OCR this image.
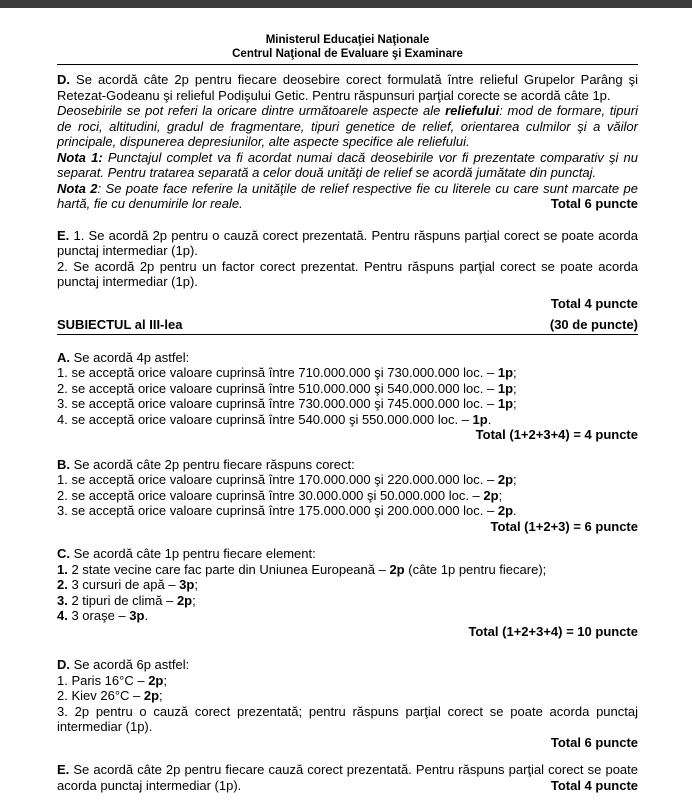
Ministerul Educaţiei Naţionale
Centrul Naţional de Evaluare şi Examinare

D. Se acordă câte 2p pentru fiecare deosebire corect formulată între relieful Grupelor Parâng şi Retezat-Godeanu şi relieful Podişului Getic. Pentru răspunsuri parţial corecte se acordă câte 1p.

Deosebirile se pot referi la oricare dintre următoarele aspecte ale reliefului: mod de formare, tipuri de roci, altitudini, gradul de fragmentare, tipuri genetice de relief, orientarea culmilor şi a văilor principale, dispunerea depresiunilor, alte aspecte specifice ale reliefului.

Nota 1: Punctajul complet va fi acordat numai dacă deosebirile vor fi prezentate comparativ şi nu separat. Pentru tratarea separată a celor două unităţi de relief se acordă jumătate din punctaj.

Nota 2: Se poate face referire la unităţile de relief respective fie cu literele cu care sunt marcate pe hartă, fie cu denumirile lor reale.	Total 6 puncte

E. 1. Se acordă 2p pentru o cauză corect prezentată. Pentru răspuns parţial corect se poate acorda punctaj intermediar (1p).

2. Se acordă 2p pentru un factor corect prezentat. Pentru răspuns parţial corect se poate acorda punctaj intermediar (1p).

Total 4 puncte
SUBIECTUL al III-lea	(30 de puncte)

A. Se acordă 4p astfel:

1. se acceptă orice valoare cuprinsă între 710.000.000 şi 730.000.000 loc. – 1p;

2. se acceptă orice valoare cuprinsă între 510.000.000 şi 540.000.000 loc. – 1p;

3. se acceptă orice valoare cuprinsă între 730.000.000 şi 745.000.000 loc. – 1p;

4. se acceptă orice valoare cuprinsă între 540.000 şi 550.000.000 loc. – 1p.

Total (1+2+3+4) = 4 puncte

B. Se acordă câte 2p pentru fiecare răspuns corect:

1. se acceptă orice valoare cuprinsă între 170.000.000 şi 220.000.000 loc. – 2p;

2. se acceptă orice valoare cuprinsă între 30.000.000 şi 50.000.000 loc. – 2p;

3. se acceptă orice valoare cuprinsă între 175.000.000 şi 200.000.000 loc. – 2p.

Total (1+2+3) = 6 puncte

C. Se acordă câte 1p pentru fiecare element:

1. 2 state vecine care fac parte din Uniunea Europeană – 2p (câte 1p pentru fiecare);

2. 3 cursuri de apă – 3p;

3. 2 tipuri de climă – 2p;

4. 3 oraşe – 3p.

Total (1+2+3+4) = 10 puncte

D. Se acordă 6p astfel:

1. Paris 16°C – 2p;

2. Kiev 26°C – 2p;

3. 2p pentru o cauză corect prezentată; pentru răspuns parţial corect se poate acorda punctaj intermediar (1p).

Total 6 puncte

E. Se acordă câte 2p pentru fiecare cauză corect prezentată. Pentru răspuns parţial corect se poate acorda punctaj intermediar (1p).	Total 4 puncte
